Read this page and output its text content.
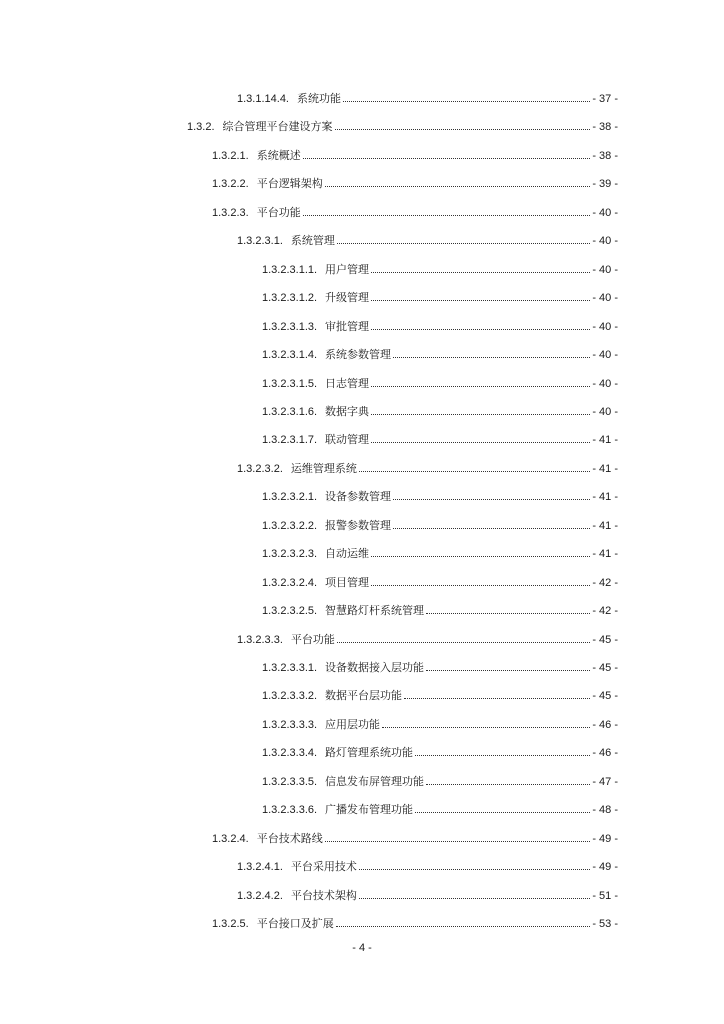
1.3.1.14.4. 系统功能	- 37 -
1.3.2. 综合管理平台建设方案	- 38 -
1.3.2.1. 系统概述	- 38 -
1.3.2.2. 平台逻辑架构	- 39 -
1.3.2.3. 平台功能	- 40 -
1.3.2.3.1. 系统管理	- 40 -
1.3.2.3.1.1. 用户管理	- 40 -
1.3.2.3.1.2. 升级管理	- 40 -
1.3.2.3.1.3. 审批管理	- 40 -
1.3.2.3.1.4. 系统参数管理	- 40 -
1.3.2.3.1.5. 日志管理	- 40 -
1.3.2.3.1.6. 数据字典	- 40 -
1.3.2.3.1.7. 联动管理	- 41 -
1.3.2.3.2. 运维管理系统	- 41 -
1.3.2.3.2.1. 设备参数管理	- 41 -
1.3.2.3.2.2. 报警参数管理	- 41 -
1.3.2.3.2.3. 自动运维	- 41 -
1.3.2.3.2.4. 项目管理	- 42 -
1.3.2.3.2.5. 智慧路灯杆系统管理	- 42 -
1.3.2.3.3. 平台功能	- 45 -
1.3.2.3.3.1. 设备数据接入层功能	- 45 -
1.3.2.3.3.2. 数据平台层功能	- 45 -
1.3.2.3.3.3. 应用层功能	- 46 -
1.3.2.3.3.4. 路灯管理系统功能	- 46 -
1.3.2.3.3.5. 信息发布屏管理功能	- 47 -
1.3.2.3.3.6. 广播发布管理功能	- 48 -
1.3.2.4. 平台技术路线	- 49 -
1.3.2.4.1. 平台采用技术	- 49 -
1.3.2.4.2. 平台技术架构	- 51 -
1.3.2.5. 平台接口及扩展	- 53 -
- 4 -
